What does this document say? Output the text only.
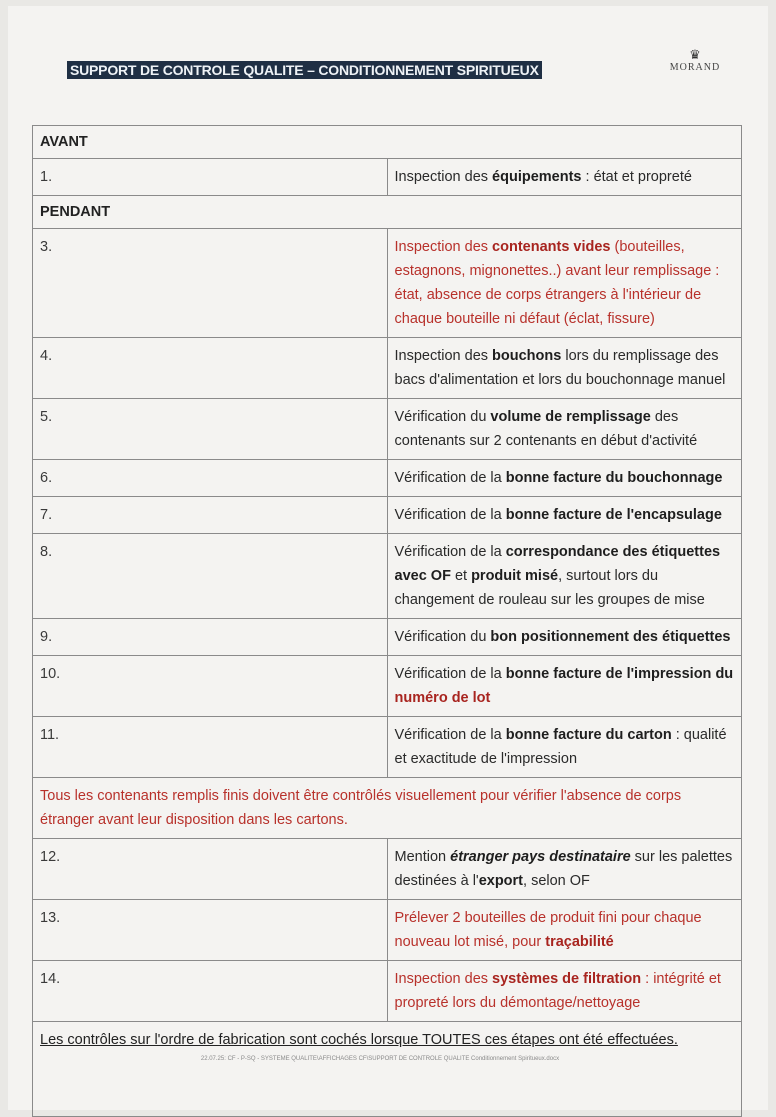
SUPPORT DE CONTROLE QUALITE – CONDITIONNEMENT SPIRITUEUX
♛
MORAND
AVANT	
1.	Inspection des équipements : état et propreté
PENDANT	
3.	Inspection des contenants vides (bouteilles, estagnons, mignonettes..) avant leur remplissage : état, absence de corps étrangers à l'intérieur de chaque bouteille ni défaut (éclat, fissure)
4.	Inspection des bouchons lors du remplissage des bacs d'alimentation et lors du bouchonnage manuel
5.	Vérification du volume de remplissage des contenants sur 2 contenants en début d'activité
6.	Vérification de la bonne facture du bouchonnage
7.	Vérification de la bonne facture de l'encapsulage
8.	Vérification de la correspondance des étiquettes avec OF et produit misé, surtout lors du changement de rouleau sur les groupes de mise
9.	Vérification du bon positionnement des étiquettes
10.	Vérification de la bonne facture de l'impression du numéro de lot
11.	Vérification de la bonne facture du carton : qualité et exactitude de l'impression
Tous les contenants remplis finis doivent être contrôlés visuellement pour vérifier l'absence de corps étranger avant leur disposition dans les cartons.	
12.	Mention étranger pays destinataire sur les palettes destinées à l'export, selon OF
13.	Prélever 2 bouteilles de produit fini pour chaque nouveau lot misé, pour traçabilité
14.	Inspection des systèmes de filtration : intégrité et propreté lors du démontage/nettoyage
Les contrôles sur l'ordre de fabrication sont cochés lorsque TOUTES ces étapes ont été effectuées.	
22.07.25: CF - P-SQ - SYSTEME QUALITE\AFFICHAGES CF\SUPPORT DE CONTROLE QUALITE Conditionnement Spiritueux.docx
